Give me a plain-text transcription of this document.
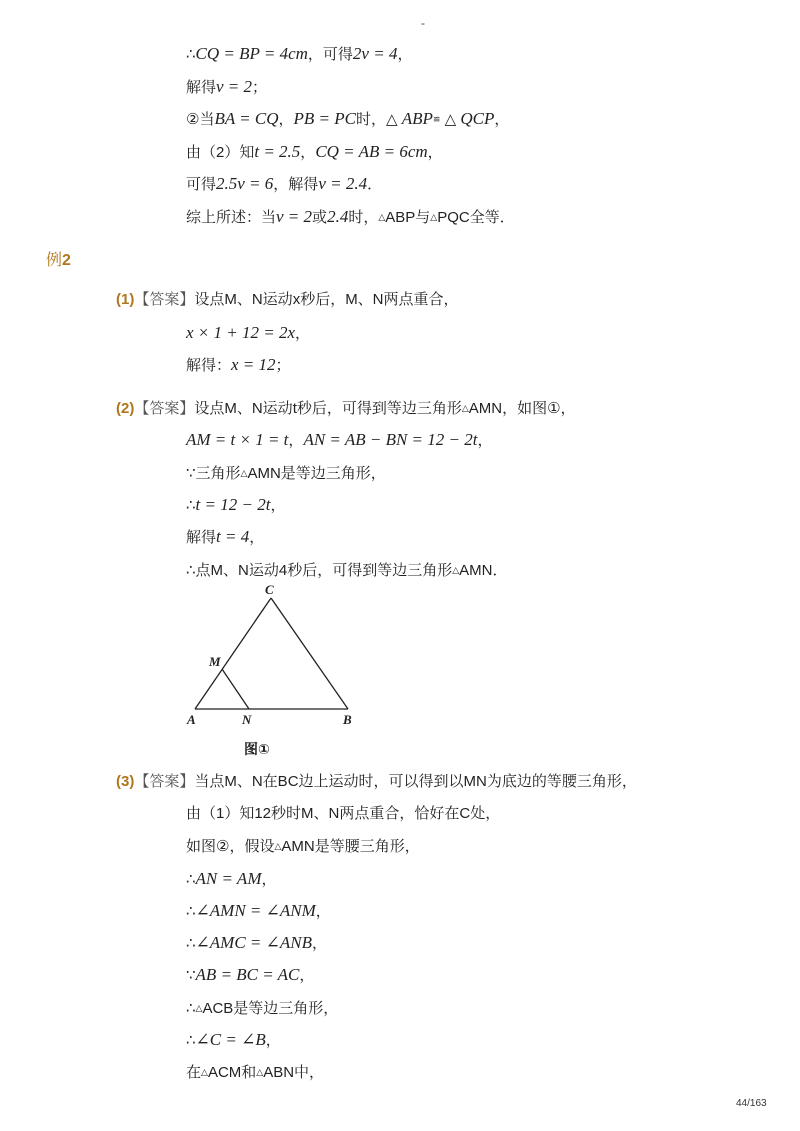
-
∴CQ = BP = 4cm，可得2v = 4，
解得v = 2；
②当BA = CQ，PB = PC时，△ ABP≌ △ QCP，
由（2）知t = 2.5，CQ = AB = 6cm，
可得2.5v = 6，解得v = 2.4．
综上所述：当v = 2或2.4时，△ABP与△PQC全等．
例2
(1)【答案】设点M、N运动x秒后，M、N两点重合，
x × 1 + 12 = 2x，
解得：x = 12；
(2)【答案】设点M、N运动t秒后，可得到等边三角形△AMN，如图①，
AM = t × 1 = t，AN = AB − BN = 12 − 2t，
∵三角形△AMN是等边三角形，
∴t = 12 − 2t，
解得t = 4，
∴点M、N运动4秒后，可得到等边三角形△AMN．
C
M
A	N	B
图①
(3)【答案】当点M、N在BC边上运动时，可以得到以MN为底边的等腰三角形，
由（1）知12秒时M、N两点重合，恰好在C处，
如图②，假设△AMN是等腰三角形，
∴AN = AM，
∴∠AMN = ∠ANM，
∴∠AMC = ∠ANB，
∵AB = BC = AC，
∴△ACB是等边三角形，
∴∠C = ∠B，
在△ACM和△ABN中，
44/163
